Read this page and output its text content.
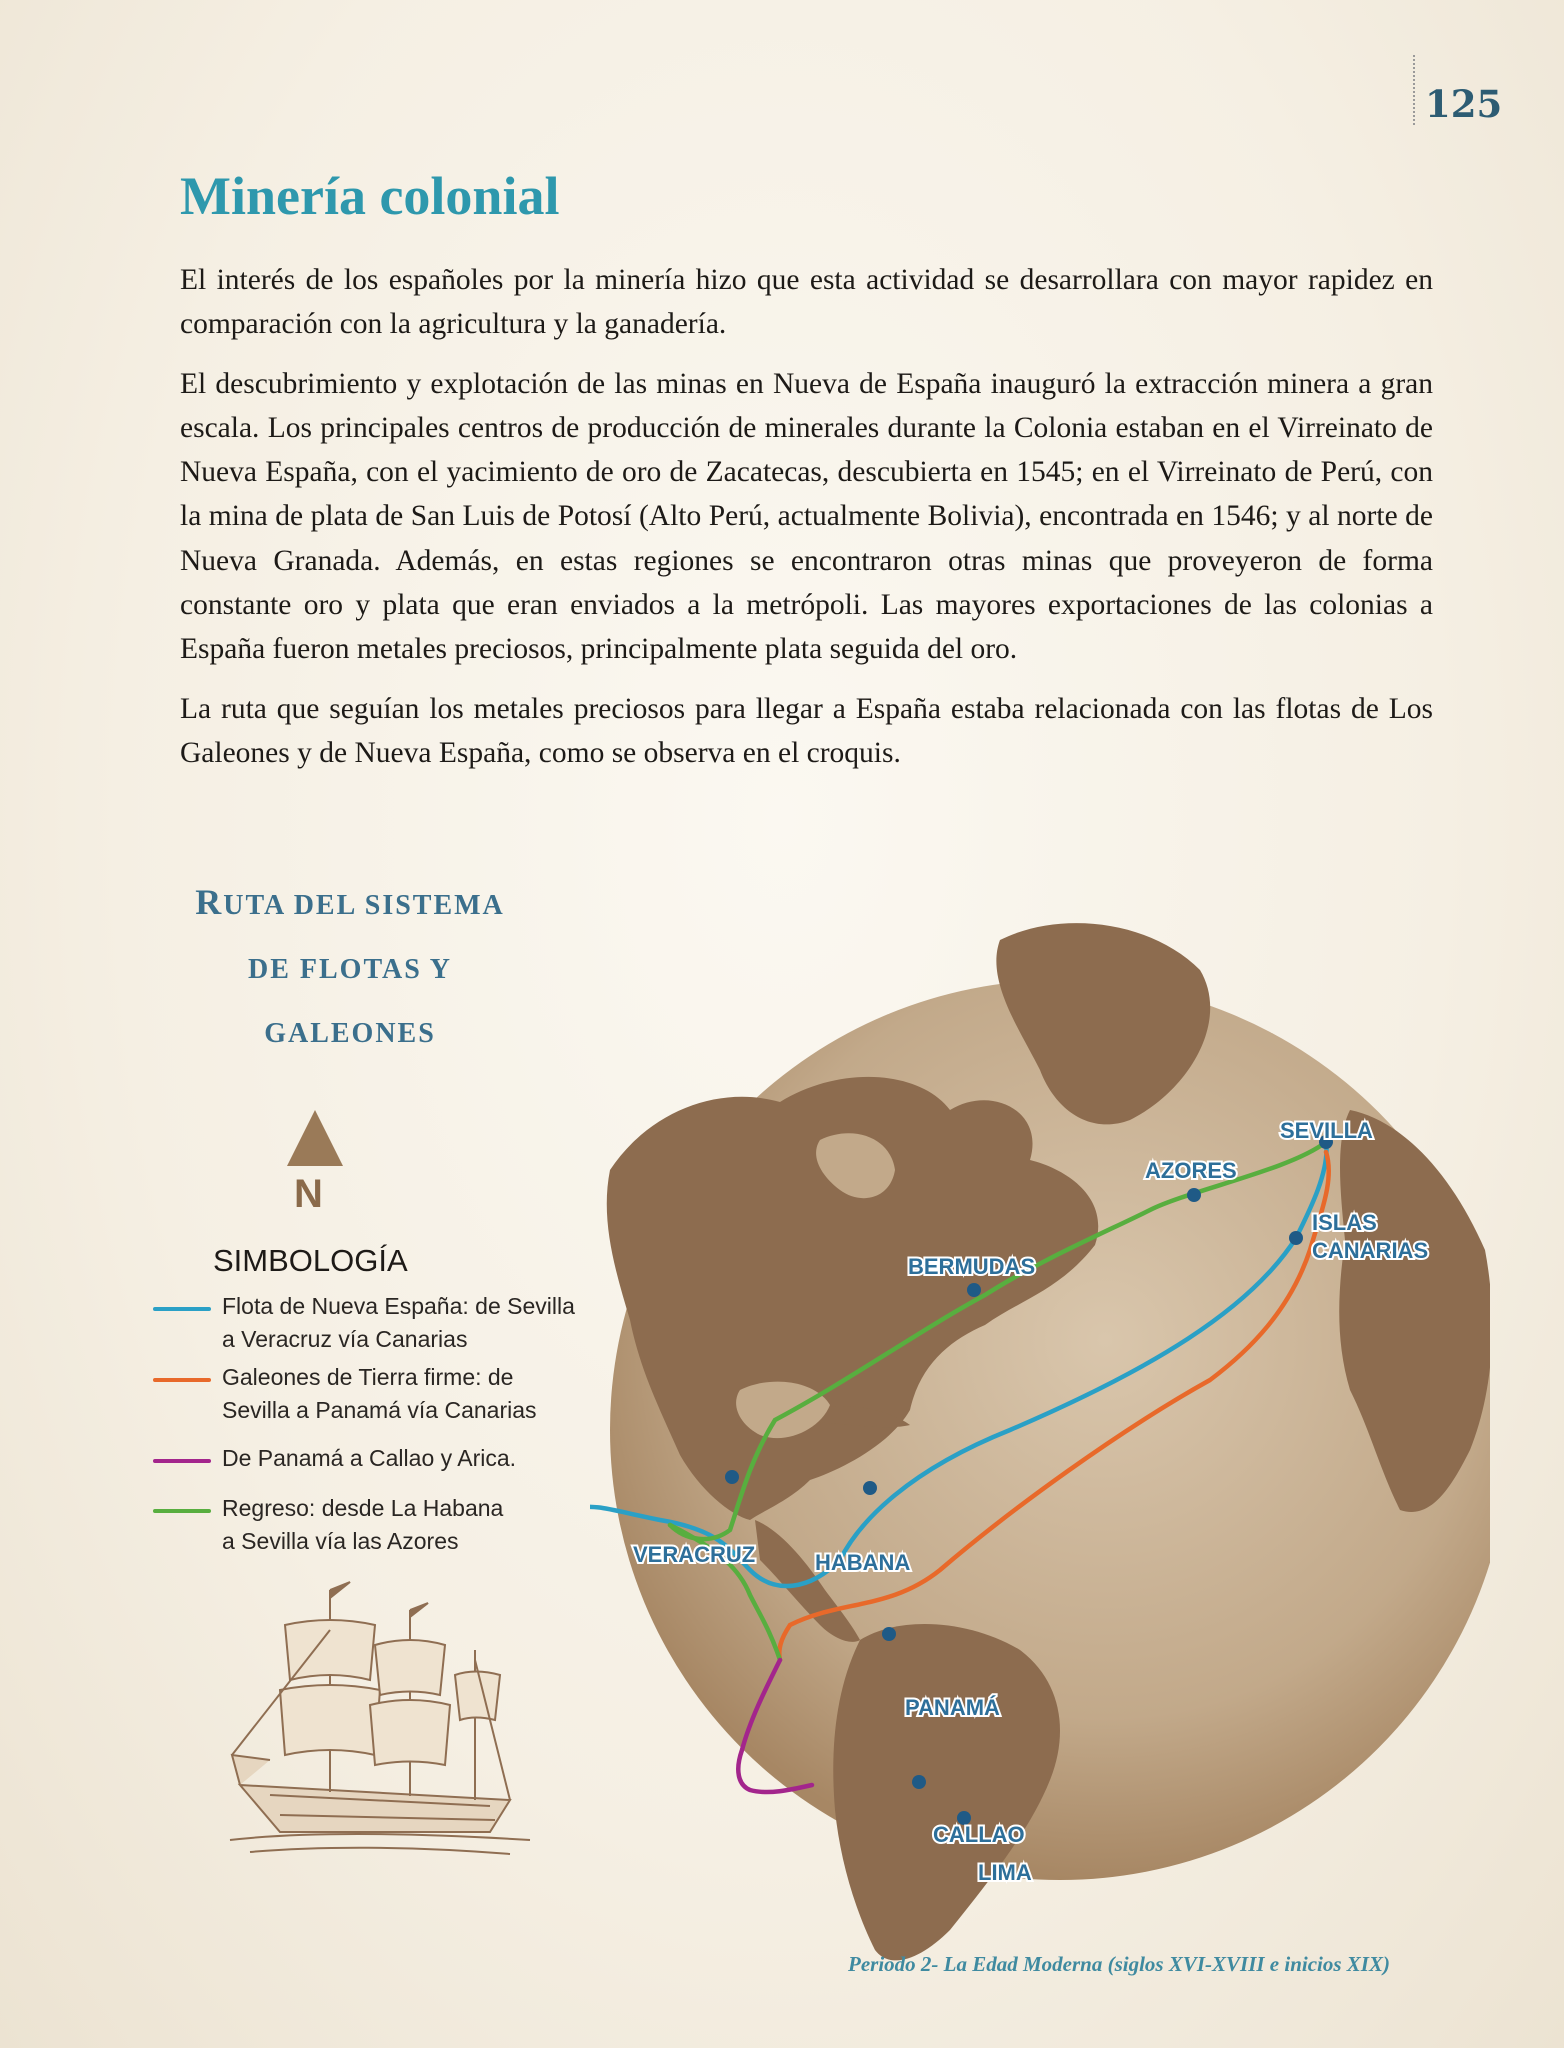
125
Minería colonial

El interés de los españoles por la minería hizo que esta actividad se desarrollara con mayor rapidez en comparación con la agricultura y la ganadería.

El descubrimiento y explotación de las minas en Nueva de España inauguró la extracción minera a gran escala. Los principales centros de producción de minerales durante la Colonia estaban en el Virreinato de Nueva España, con el yacimiento de oro de Zacatecas, descubierta en 1545; en el Virreinato de Perú, con la mina de plata de San Luis de Potosí (Alto Perú, actualmente Bolivia), encontrada en 1546; y al norte de Nueva Granada. Además, en estas regiones se encontraron otras minas que proveyeron de forma constante oro y plata que eran enviados a la metrópoli. Las mayores exportaciones de las colonias a España fueron metales preciosos, principalmente plata seguida del oro.

La ruta que seguían los metales preciosos para llegar a España estaba relacionada con las flotas de Los Galeones y de Nueva España, como se observa en el croquis.

RUTA DEL SISTEMA
DE FLOTAS Y
GALEONES
N
SIMBOLOGÍA
Flota de Nueva España: de Sevilla
a Veracruz vía Canarias
Galeones de Tierra firme: de
Sevilla a Panamá vía Canarias
De Panamá a Callao y Arica.
Regreso: desde La Habana
a Sevilla vía las Azores
SEVILLA
AZORES
ISLAS
CANARIAS
BERMUDAS
VERACRUZ	HABANA
PANAMÁ
CALLAO
LIMA
Periodo 2- La Edad Moderna (siglos XVI-XVIII e inicios XIX)
